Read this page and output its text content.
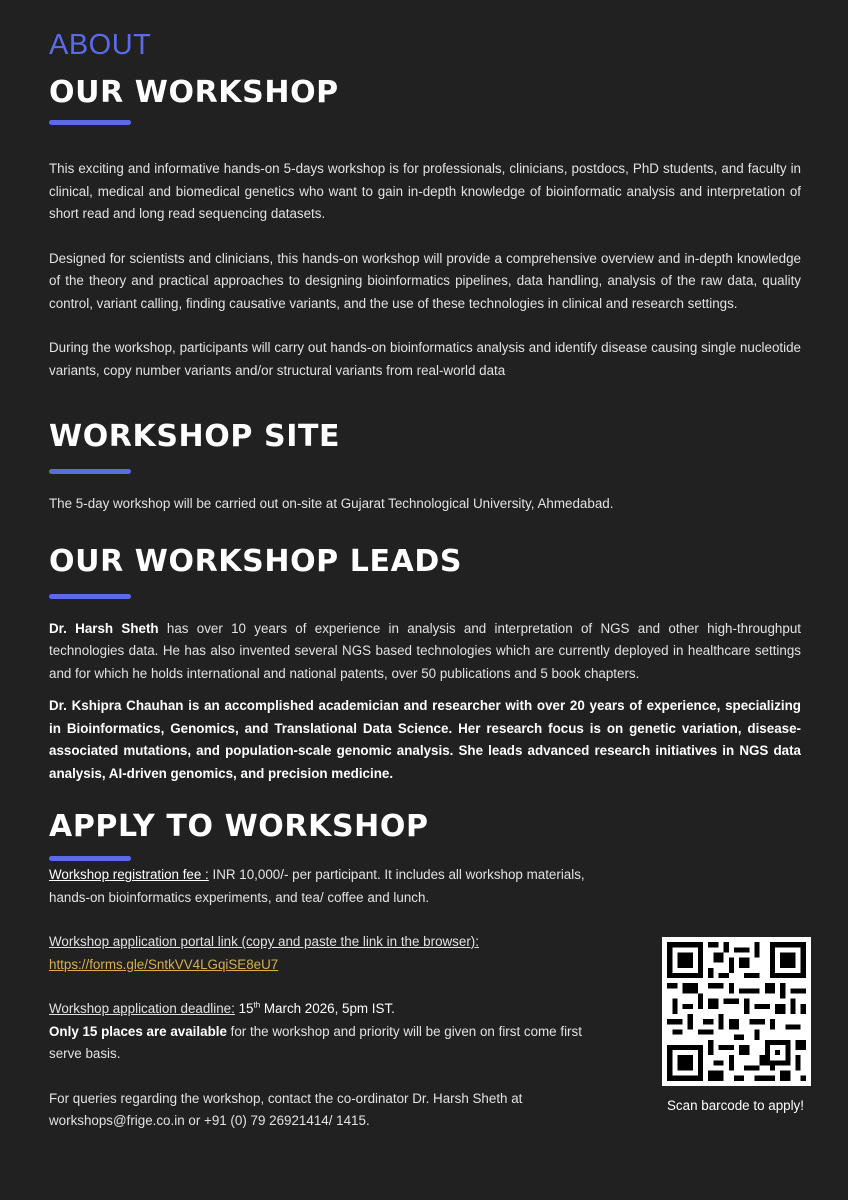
ABOUT
OUR WORKSHOP

This exciting and informative hands-on 5-days workshop is for professionals, clinicians, postdocs, PhD students, and faculty in clinical, medical and biomedical genetics who want to gain in-depth knowledge of bioinformatic analysis and interpretation of short read and long read sequencing datasets.

Designed for scientists and clinicians, this hands-on workshop will provide a comprehensive overview and in-depth knowledge of the theory and practical approaches to designing bioinformatics pipelines, data handling, analysis of the raw data, quality control, variant calling, finding causative variants, and the use of these technologies in clinical and research settings.

During the workshop, participants will carry out hands-on bioinformatics analysis and identify disease causing single nucleotide variants, copy number variants and/or structural variants from real-world data

WORKSHOP SITE

The 5-day workshop will be carried out on-site at Gujarat Technological University, Ahmedabad.

OUR WORKSHOP LEADS

Dr. Harsh Sheth has over 10 years of experience in analysis and interpretation of NGS and other high-throughput technologies data. He has also invented several NGS based technologies which are currently deployed in healthcare settings and for which he holds international and national patents, over 50 publications and 5 book chapters.

Dr. Kshipra Chauhan is an accomplished academician and researcher with over 20 years of experience, specializing in Bioinformatics, Genomics, and Translational Data Science. Her research focus is on genetic variation, disease-associated mutations, and population-scale genomic analysis. She leads advanced research initiatives in NGS data analysis, AI-driven genomics, and precision medicine.

APPLY TO WORKSHOP

Workshop registration fee : INR 10,000/- per participant. It includes all workshop materials, hands-on bioinformatics experiments, and tea/ coffee and lunch.

Workshop application portal link (copy and paste the link in the browser):

https://forms.gle/SntkVV4LGqiSE8eU7

Workshop application deadline: 15th March 2026, 5pm IST.

Only 15 places are available for the workshop and priority will be given on first come first serve basis.

For queries regarding the workshop, contact the co-ordinator Dr. Harsh Sheth at workshops@frige.co.in or +91 (0) 79 26921414/ 1415.

Scan barcode to apply!
